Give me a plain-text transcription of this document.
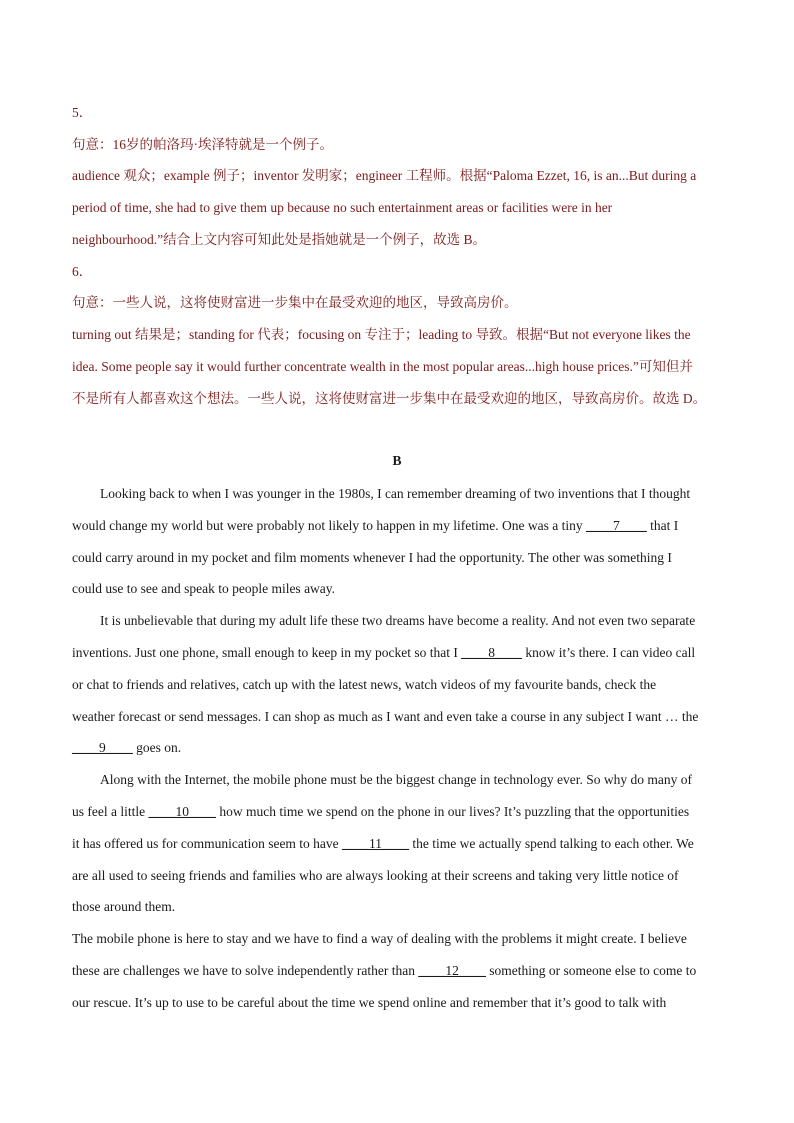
5．
句意：16岁的帕洛玛·埃泽特就是一个例子。
audience 观众；example 例子；inventor 发明家；engineer 工程师。根据“Paloma Ezzet, 16, is an...But during a
period of time, she had to give them up because no such entertainment areas or facilities were in her
neighbourhood.”结合上文内容可知此处是指她就是一个例子，故选 B。
6．
句意：一些人说，这将使财富进一步集中在最受欢迎的地区，导致高房价。
turning out 结果是；standing for 代表；focusing on 专注于；leading to 导致。根据“But not everyone likes the
idea. Some people say it would further concentrate wealth in the most popular areas...high house prices.”可知但并
不是所有人都喜欢这个想法。一些人说，这将使财富进一步集中在最受欢迎的地区，导致高房价。故选 D。
B
Looking back to when I was younger in the 1980s, I can remember dreaming of two inventions that I thought
would change my world but were probably not likely to happen in my lifetime. One was a tiny ____7____ that I
could carry around in my pocket and film moments whenever I had the opportunity. The other was something I
could use to see and speak to people miles away.
It is unbelievable that during my adult life these two dreams have become a reality. And not even two separate
inventions. Just one phone, small enough to keep in my pocket so that I ____8____ know it’s there. I can video call
or chat to friends and relatives, catch up with the latest news, watch videos of my favourite bands, check the
weather forecast or send messages. I can shop as much as I want and even take a course in any subject I want … the
____9____ goes on.
Along with the Internet, the mobile phone must be the biggest change in technology ever. So why do many of
us feel a little ____10____ how much time we spend on the phone in our lives? It’s puzzling that the opportunities
it has offered us for communication seem to have ____11____ the time we actually spend talking to each other. We
are all used to seeing friends and families who are always looking at their screens and taking very little notice of
those around them.
The mobile phone is here to stay and we have to find a way of dealing with the problems it might create. I believe
these are challenges we have to solve independently rather than ____12____ something or someone else to come to
our rescue. It’s up to use to be careful about the time we spend online and remember that it’s good to talk with
